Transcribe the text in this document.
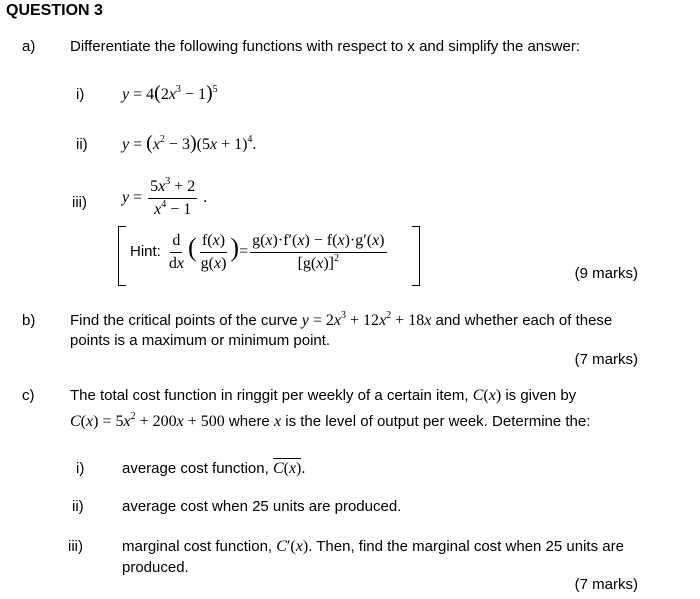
QUESTION 3
a) Differentiate the following functions with respect to x and simplify the answer:
i) $y = 4(2x^3 - 1)^5$
ii) $y = (x^2 - 3)(5x + 1)^4$.
iii) $y = \frac{5x^3 + 2}{x^4 - 1}$ .
Hint: $\frac{d}{dx}$ ( $\frac{f(x)}{g(x)}$ )= $\frac{g(x)\cdot f'(x) - f(x)\cdot g'(x)}{[g(x)]^2}$
(9 marks)
b) Find the critical points of the curve $y = 2x^3 + 12x^2 + 18x$ and whether each of these
points is a maximum or minimum point.
(7 marks)
c) The total cost function in ringgit per weekly of a certain item, C(x) is given by
$C(x) = 5x^2 + 200x + 500$ where x is the level of output per week. Determine the:
i)	average cost function, C(x).
ii)	average cost when 25 units are produced.
iii)	marginal cost function, C′(x). Then, find the marginal cost when 25 units are
produced.
(7 marks)
